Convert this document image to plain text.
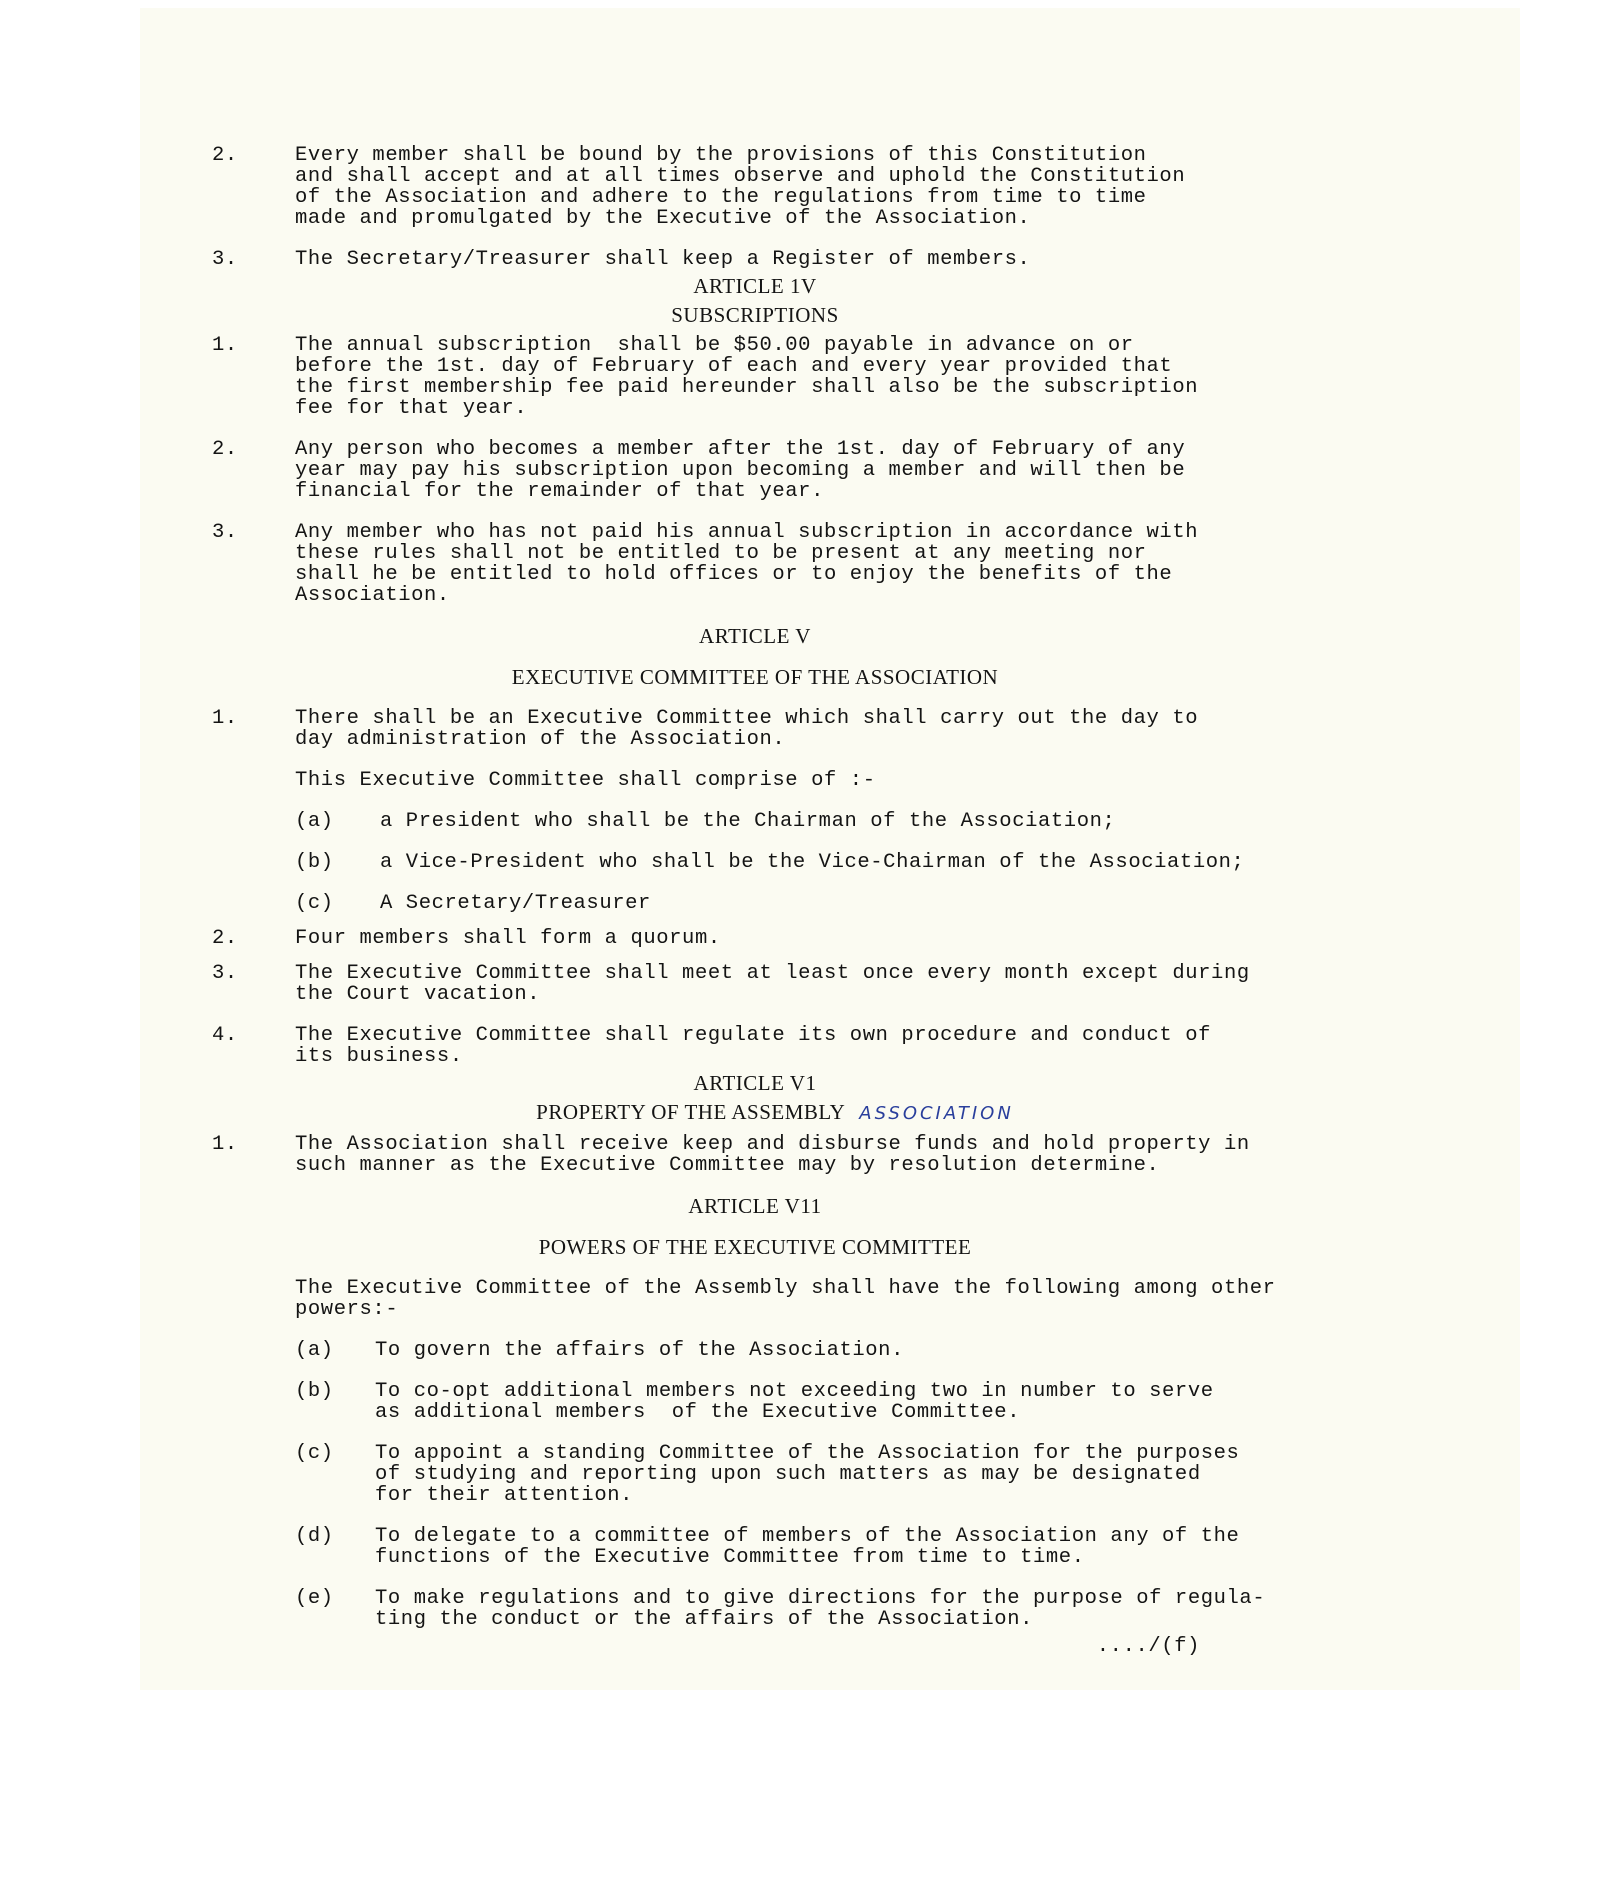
2.	Every member shall be bound by the provisions of this Constitution
and shall accept and at all times observe and uphold the Constitution
of the Association and adhere to the regulations from time to time
made and promulgated by the Executive of the Association.
3.	The Secretary/Treasurer shall keep a Register of members.
ARTICLE 1V
SUBSCRIPTIONS
1.	The annual subscription  shall be $50.00 payable in advance on or
before the 1st. day of February of each and every year provided that
the first membership fee paid hereunder shall also be the subscription
fee for that year.
2.	Any person who becomes a member after the 1st. day of February of any
year may pay his subscription upon becoming a member and will then be
financial for the remainder of that year.
3.	Any member who has not paid his annual subscription in accordance with
these rules shall not be entitled to be present at any meeting nor
shall he be entitled to hold offices or to enjoy the benefits of the
Association.
ARTICLE V
EXECUTIVE COMMITTEE OF THE ASSOCIATION
1.	There shall be an Executive Committee which shall carry out the day to
day administration of the Association.
This Executive Committee shall comprise of :-
(a) a President who shall be the Chairman of the Association;
(b) a Vice-President who shall be the Vice-Chairman of the Association;
(c) A Secretary/Treasurer
2.	Four members shall form a quorum.
3.	The Executive Committee shall meet at least once every month except during
the Court vacation.
4.	The Executive Committee shall regulate its own procedure and conduct of
its business.
ARTICLE V1
PROPERTY OF THE ASSEMBLY ASSOCIATION
1.	The Association shall receive keep and disburse funds and hold property in
such manner as the Executive Committee may by resolution determine.
ARTICLE V11
POWERS OF THE EXECUTIVE COMMITTEE
The Executive Committee of the Assembly shall have the following among other
powers:-
(a) To govern the affairs of the Association.
(b) To co-opt additional members not exceeding two in number to serve
as additional members  of the Executive Committee.
(c) To appoint a standing Committee of the Association for the purposes
of studying and reporting upon such matters as may be designated
for their attention.
(d) To delegate to a committee of members of the Association any of the
functions of the Executive Committee from time to time.
(e) To make regulations and to give directions for the purpose of regula-
ting the conduct or the affairs of the Association.
..../(f)
